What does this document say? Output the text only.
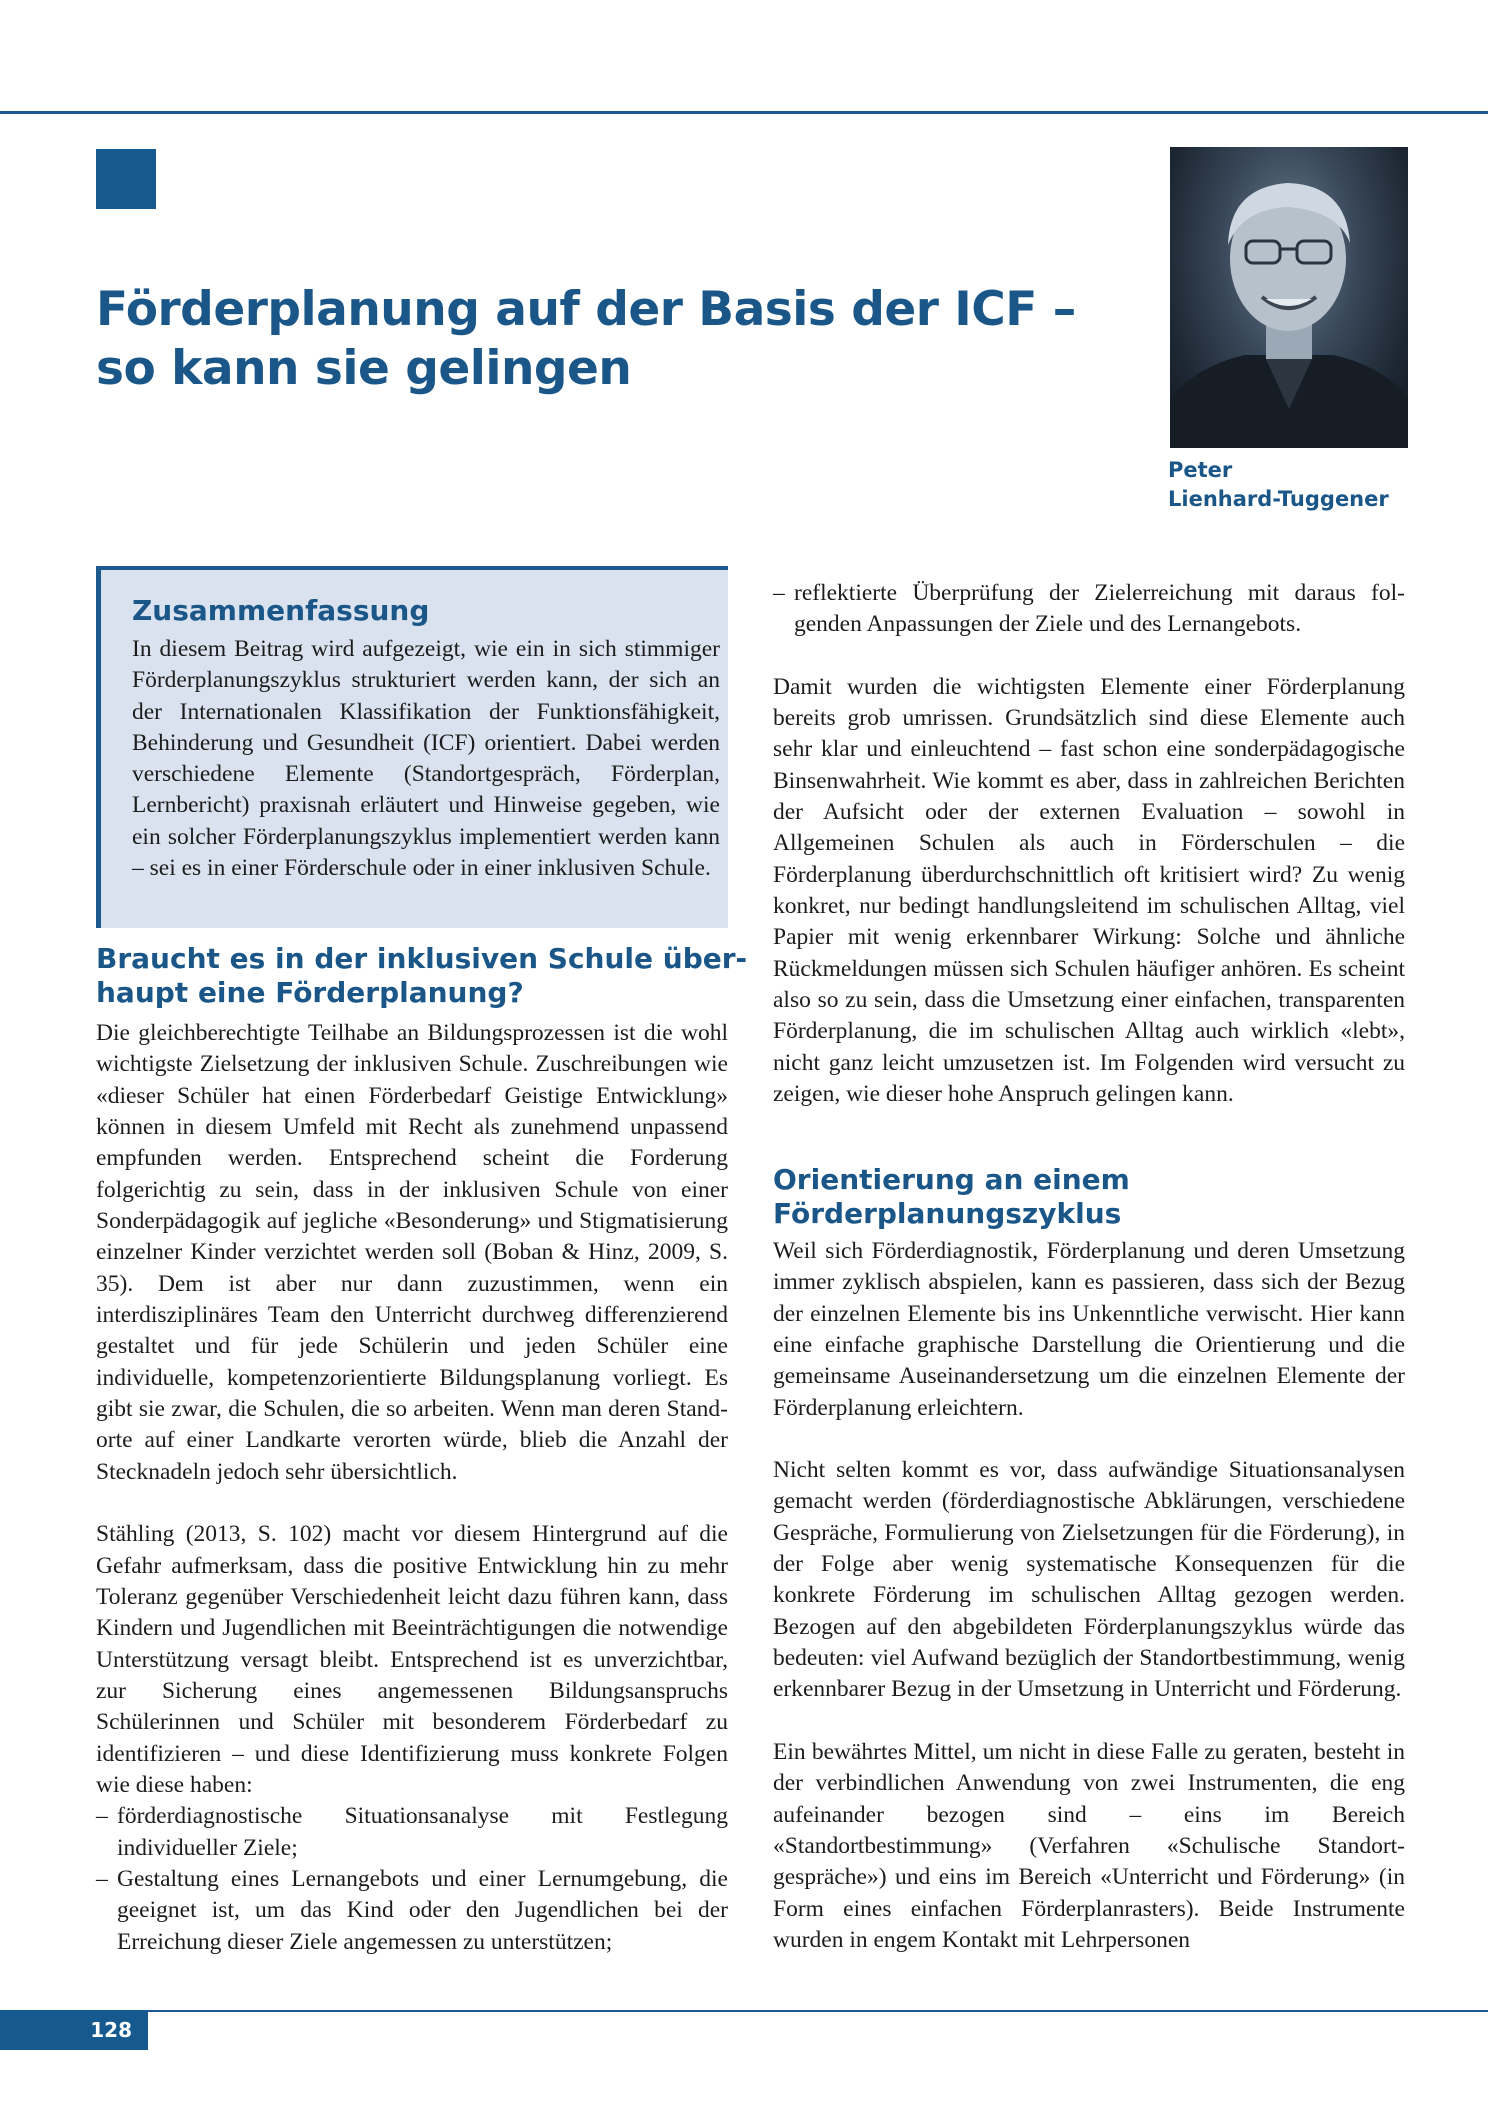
Förderplanung auf der Basis der ICF – so kann sie gelingen
Peter
Lienhard-Tuggener
Zusammenfassung

In diesem Beitrag wird aufgezeigt, wie ein in sich stimmiger Förderplanungszyklus strukturiert werden kann, der sich an der Internationalen Klassifikation der Funktionsfähigkeit, Behinderung und Gesundheit (ICF) orientiert. Dabei werden verschiedene Elemente (Standortgespräch, Förderplan, Lernbericht) praxisnah erläutert und Hinweise gegeben, wie ein solcher Förderplanungszyklus implementiert werden kann – sei es in einer Förderschule oder in einer inklusiven Schule.

Braucht es in der inklusiven Schule über-
haupt eine Förderplanung?

Die gleichberechtigte Teilhabe an Bildungsprozessen ist die wohl wichtigste Zielsetzung der inklusiven Schule. Zuschreibungen wie «dieser Schüler hat einen Förderbedarf Geistige Entwicklung» können in diesem Umfeld mit Recht als zunehmend unpassend empfunden werden. Entsprechend scheint die Forderung folgerichtig zu sein, dass in der inklusiven Schule von einer Sonderpädagogik auf jegliche «Besonderung» und Stigmatisierung einzelner Kinder verzichtet werden soll (Boban & Hinz, 2009, S. 35). Dem ist aber nur dann zuzustimmen, wenn ein interdisziplinäres Team den Unterricht durchweg differenzierend gestaltet und für jede Schülerin und jeden Schüler eine individuelle, kompetenzorientierte Bildungsplanung vorliegt. Es gibt sie zwar, die Schulen, die so arbeiten. Wenn man deren Standorte auf einer Landkarte verorten würde, blieb die Anzahl der Stecknadeln jedoch sehr übersichtlich.

Stähling (2013, S. 102) macht vor diesem Hintergrund auf die Gefahr aufmerksam, dass die positive Entwicklung hin zu mehr Toleranz gegenüber Verschiedenheit leicht dazu führen kann, dass Kindern und Jugendlichen mit Beeinträchtigungen die notwendige Unterstützung versagt bleibt. Entsprechend ist es unverzichtbar, zur Sicherung eines angemessenen Bildungsanspruchs Schülerinnen und Schüler mit besonderem Förderbedarf zu identifizieren – und diese Identifizierung muss konkrete Folgen wie diese haben:

– förderdiagnostische Situationsanalyse mit Festlegung individueller Ziele;
– Gestaltung eines Lernangebots und einer Lernumgebung, die geeignet ist, um das Kind oder den Jugendlichen bei der Erreichung dieser Ziele angemessen zu unterstützen;
– reflektierte Überprüfung der Zielerreichung mit daraus folgenden Anpassungen der Ziele und des Lernangebots.

Damit wurden die wichtigsten Elemente einer Förderplanung bereits grob umrissen. Grundsätzlich sind diese Elemente auch sehr klar und einleuchtend – fast schon eine sonderpädagogische Binsenwahrheit. Wie kommt es aber, dass in zahlreichen Berichten der Aufsicht oder der externen Evaluation – sowohl in Allgemeinen Schulen als auch in Förderschulen – die Förderplanung überdurchschnittlich oft kritisiert wird? Zu wenig konkret, nur bedingt handlungsleitend im schulischen Alltag, viel Papier mit wenig erkennbarer Wirkung: Solche und ähnliche Rückmeldungen müssen sich Schulen häufiger anhören. Es scheint also so zu sein, dass die Umsetzung einer einfachen, transparenten Förderplanung, die im schulischen Alltag auch wirklich «lebt», nicht ganz leicht umzusetzen ist. Im Folgenden wird versucht zu zeigen, wie dieser hohe Anspruch gelingen kann.

Orientierung an einem
Förderplanungszyklus

Weil sich Förderdiagnostik, Förderplanung und deren Umsetzung immer zyklisch abspielen, kann es passieren, dass sich der Bezug der einzelnen Elemente bis ins Unkenntliche verwischt. Hier kann eine einfache graphische Darstellung die Orientierung und die gemeinsame Auseinandersetzung um die einzelnen Elemente der Förderplanung erleichtern.

Nicht selten kommt es vor, dass aufwändige Situationsanalysen gemacht werden (förderdiagnostische Abklärungen, verschiedene Gespräche, Formulierung von Zielsetzungen für die Förderung), in der Folge aber wenig systematische Konsequenzen für die konkrete Förderung im schulischen Alltag gezogen werden. Bezogen auf den abgebildeten Förderplanungszyklus würde das bedeuten: viel Aufwand bezüglich der Standortbestimmung, wenig erkennbarer Bezug in der Umsetzung in Unterricht und Förderung.

Ein bewährtes Mittel, um nicht in diese Falle zu geraten, besteht in der verbindlichen Anwendung von zwei Instrumenten, die eng aufeinander bezogen sind – eins im Bereich «Standortbestimmung» (Verfahren «Schulische Standortgespräche») und eins im Bereich «Unterricht und Förderung» (in Form eines einfachen Förderplanrasters). Beide Instrumente wurden in engem Kontakt mit Lehrpersonen

128
